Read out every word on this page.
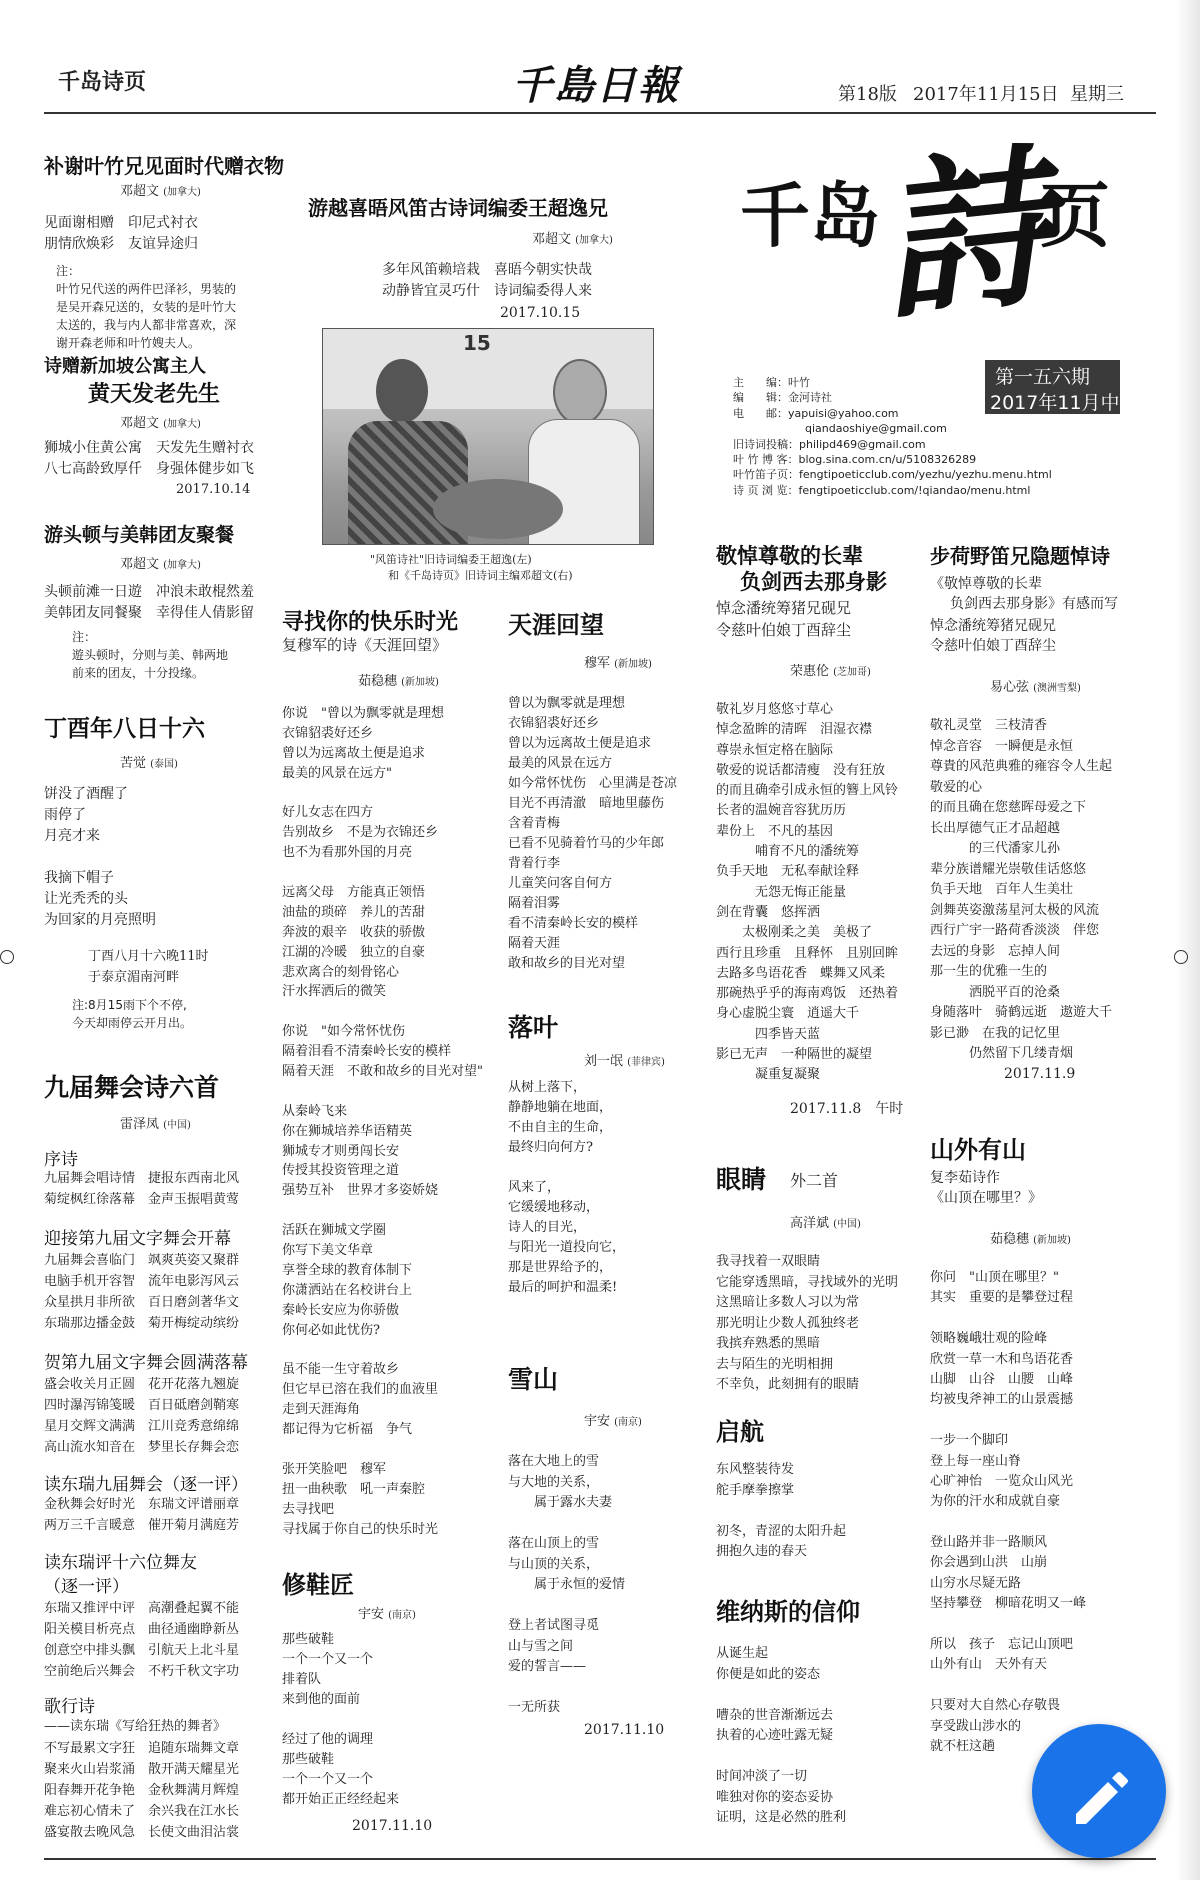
千岛诗页	千島日報	第18版 2017年11月15日 星期三
千岛
詩
页
第一五六期
2017年11月中
主　　编：叶竹
编　　辑：金河诗社
电　　邮：yapuisi@yahoo.com
qiandaoshiye@gmail.com
旧诗词投稿：philipd469@gmail.com
叶 竹 博 客：blog.sina.com.cn/u/5108326289
叶竹笛子页：fengtipoeticclub.com/yezhu/yezhu.menu.html
诗 页 浏 览：fengtipoeticclub.com/!qiandao/menu.html
补谢叶竹兄见面时代赠衣物
邓超文 (加拿大)
见面谢相赠　印尼式衬衣
朋情欣焕彩　友谊异途归
注：
叶竹兄代送的两件巴泽衫，男装的
是吴开森兄送的，女装的是叶竹大
太送的，我与内人都非常喜欢，深
谢开森老师和叶竹嫂夫人。
诗赠新加坡公寓主人
黄天发老先生
邓超文 (加拿大)
狮城小住黄公寓　天发先生赠衬衣
八七高龄致厚仟　身强体健步如飞
2017.10.14
游头顿与美韩团友聚餐
邓超文 (加拿大)
头顿前滩一日遊　冲浪未敢棍然羞
美韩团友同餐聚　幸得佳人倩影留
注：
遊头顿时，分则与美、韩两地
前来的团友，十分投缘。
丁酉年八日十六
苦觉 (泰国)
饼没了酒醒了
雨停了
月亮才来
我摘下帽子
让光秃秃的头
为回家的月亮照明
丁酉八月十六晚11时
于泰京湄南河畔
注:8月15雨下个不停,
今天却雨停云开月出。
九届舞会诗六首
雷泽凤 (中国)
序诗
九届舞会唱诗情　捷报东西南北风
菊绽枫红徐落幕　金声玉振唱黄莺
迎接第九届文字舞会开幕
九届舞会喜临门　飒爽英姿又聚群
电脑手机开容智　流年电影泻风云
众星拱月非所欲　百日磨剑著华文
东瑞那边播金鼓　菊开梅绽动缤纷
贺第九届文字舞会圆满落幕
盛会收关月正圆　花开花落九翘旋
四时瀑泻锦笺暖　百日砥磨剑鞘寒
星月交辉文满满　江川竞秀意绵绵
高山流水知音在　梦里长存舞会恋
读东瑞九届舞会（逐一评）
金秋舞会好时光　东瑞文评谱丽章
两万三千言暖意　催开菊月满庭芳
读东瑞评十六位舞友
（逐一评）
东瑞又推评中评　高潮叠起翼不能
阳关模目析亮点　曲径通幽睁新丛
创意空中排头飘　引航天上北斗星
空前绝后兴舞会　不朽千秋文字功
歌行诗
——读东瑞《写给狂热的舞者》
不写最累文字狂　追随东瑞舞文章
聚来火山岩浆涌　散开满天耀星光
阳春舞开花争艳　金秋舞满月辉煌
难忘初心情未了　余兴我在江水长
盛宴散去晚风急　长使文曲泪沾裳
游越喜晤风笛古诗词编委王超逸兄
邓超文 (加拿大)
多年风笛赖培栽　喜晤今朝实快哉
动静皆宜灵巧什　诗词编委得人来
2017.10.15
15
"风笛诗社"旧诗词编委王超逸(左)
和《千岛诗页》旧诗词主编邓超文(右)
寻找你的快乐时光
复穆军的诗《天涯回望》
茹稳穗 (新加坡)
你说　"曾以为飘零就是理想
衣锦貂裘好还乡
曾以为远离故土便是追求
最美的风景在远方"
好儿女志在四方
告别故乡　不是为衣锦还乡
也不为看那外国的月亮
远离父母　方能真正领悟
油盐的琐碎　养儿的苦甜
奔波的艰辛　收获的骄傲
江湖的冷暖　独立的自豪
悲欢离合的刻骨铭心
汗水挥洒后的微笑
你说　"如今常怀忧伤
隔着泪看不清秦岭长安的模样
隔着天涯　不敢和故乡的目光对望"
从秦岭飞来
你在狮城培养华语精英
狮城专才则勇闯长安
传授其投资管理之道
强势互补　世界才多姿娇娆
活跃在狮城文学圈
你写下美文华章
享誉全球的教育体制下
你潇洒站在名校讲台上
秦岭长安应为你骄傲
你何必如此忧伤?
虽不能一生守着故乡
但它早已溶在我们的血液里
走到天涯海角
都记得为它析福　争气
张开笑脸吧　穆军
扭一曲秧歌　吼一声秦腔
去寻找吧
寻找属于你自己的快乐时光
修鞋匠
宇安 (南京)
那些破鞋
一个一个又一个
排着队
来到他的面前
经过了他的调理
那些破鞋
一个一个又一个
都开始正正经经起来
2017.11.10
天涯回望
穆军 (新加坡)
曾以为飘零就是理想
衣锦貂裘好还乡
曾以为远离故土便是追求
最美的风景在远方
如今常怀忧伤　心里满是苍凉
目光不再清澈　暗地里藤伤
含着青梅
已看不见骑着竹马的少年郎
背着行李
儿童笑问客自何方
隔着泪雾
看不清秦岭长安的模样
隔着天涯
敢和故乡的目光对望
落叶
刘一氓 (菲律宾)
从树上落下，
静静地躺在地面，
不由自主的生命，
最终归向何方?
风来了，
它缓缓地移动，
诗人的目光，
与阳光一道投向它，
那是世界给予的，
最后的呵护和温柔!
雪山
宇安 (南京)
落在大地上的雪
与大地的关系，
　　属于露水夫妻
落在山顶上的雪
与山顶的关系，
　　属于永恒的爱情
登上者试图寻觅
山与雪之间
爱的誓言——
一无所获
2017.11.10
敬悼尊敬的长辈
负剑西去那身影
悼念潘统筹猪兄砚兄
令慈叶伯娘丁酉辞尘
荣惠伦 (芝加哥)
敬礼岁月悠悠寸草心
悼念盈眸的清晖　泪湿衣襟
尊崇永恒定格在脑际
敬爱的说话都清瘦　没有狂放
的而且确牵引成永恒的簪上风铃
长者的温婉音容犹历历
辈份上　不凡的基因
　　　哺育不凡的潘统筹
负手天地　无私奉献诠释
　　　无怨无悔正能量
剑在背囊　悠挥洒
　　太极刚柔之美　美极了
西行且珍重　且释怀　且别回眸
去路多鸟语花香　蝶舞又风柔
那碗热乎乎的海南鸡饭　还热着
身心虚脱尘寰　逍遥大千
　　　四季皆天蓝
影已无声　一种隔世的凝望
　　　凝重复凝聚
2017.11.8　午时
眼睛 外二首
高洋斌 (中国)
我寻找着一双眼睛
它能穿透黑暗，寻找域外的光明
这黑暗让多数人习以为常
那光明让少数人孤独终老
我摈弃熟悉的黑暗
去与陌生的光明相拥
不幸负，此刻拥有的眼睛
启航
东风整装待发
舵手摩拳擦掌
初冬，青涩的太阳升起
拥抱久违的春天
维纳斯的信仰
从诞生起
你便是如此的姿态
嘈杂的世音渐渐远去
执着的心迹吐露无疑
时间冲淡了一切
唯独对你的姿态妥协
证明，这是必然的胜利
步荷野笛兄隐题悼诗
《敬悼尊敬的长辈
负剑西去那身影》有感而写
悼念潘统筹猪兄砚兄
令慈叶伯娘丁酉辞尘
易心弦 (澳洲雪梨)
敬礼灵堂　三枝清香
悼念音容　一瞬便是永恒
尊貴的风范典雅的雍容令人生起
敬爱的心
的而且确在您慈晖母爱之下
长出厚德气正才品超越
　　　的三代潘家儿孙
辈分族谱耀光崇敬佳话悠悠
负手天地　百年人生美壮
剑舞英姿激荡星河太极的风流
西行广宇一路荷香淡淡　伴您
去远的身影　忘掉人间
那一生的优雅一生的
　　　洒脱平百的沧桑
身随落叶　骑鹤远逝　遨遊大千
影已渺　在我的记忆里
　　　仍然留下几缕青烟
2017.11.9
山外有山
复李茹诗作
《山顶在哪里？》
茹稳穗 (新加坡)
你问　"山顶在哪里？"
其实　重要的是攀登过程
领略巍峨壮观的险峰
欣赏一草一木和鸟语花香
山脚　山谷　山腰　山峰
均被曳斧神工的山景震撼
一步一个脚印
登上每一座山脊
心旷神怡　一览众山风光
为你的汗水和成就自豪
登山路并非一路顺风
你会遇到山洪　山崩
山穷水尽疑无路
坚持攀登　柳暗花明又一峰
所以　孩子　忘记山顶吧
山外有山　天外有天
只要对大自然心存敬畏
享受跋山涉水的
就不枉这趟
